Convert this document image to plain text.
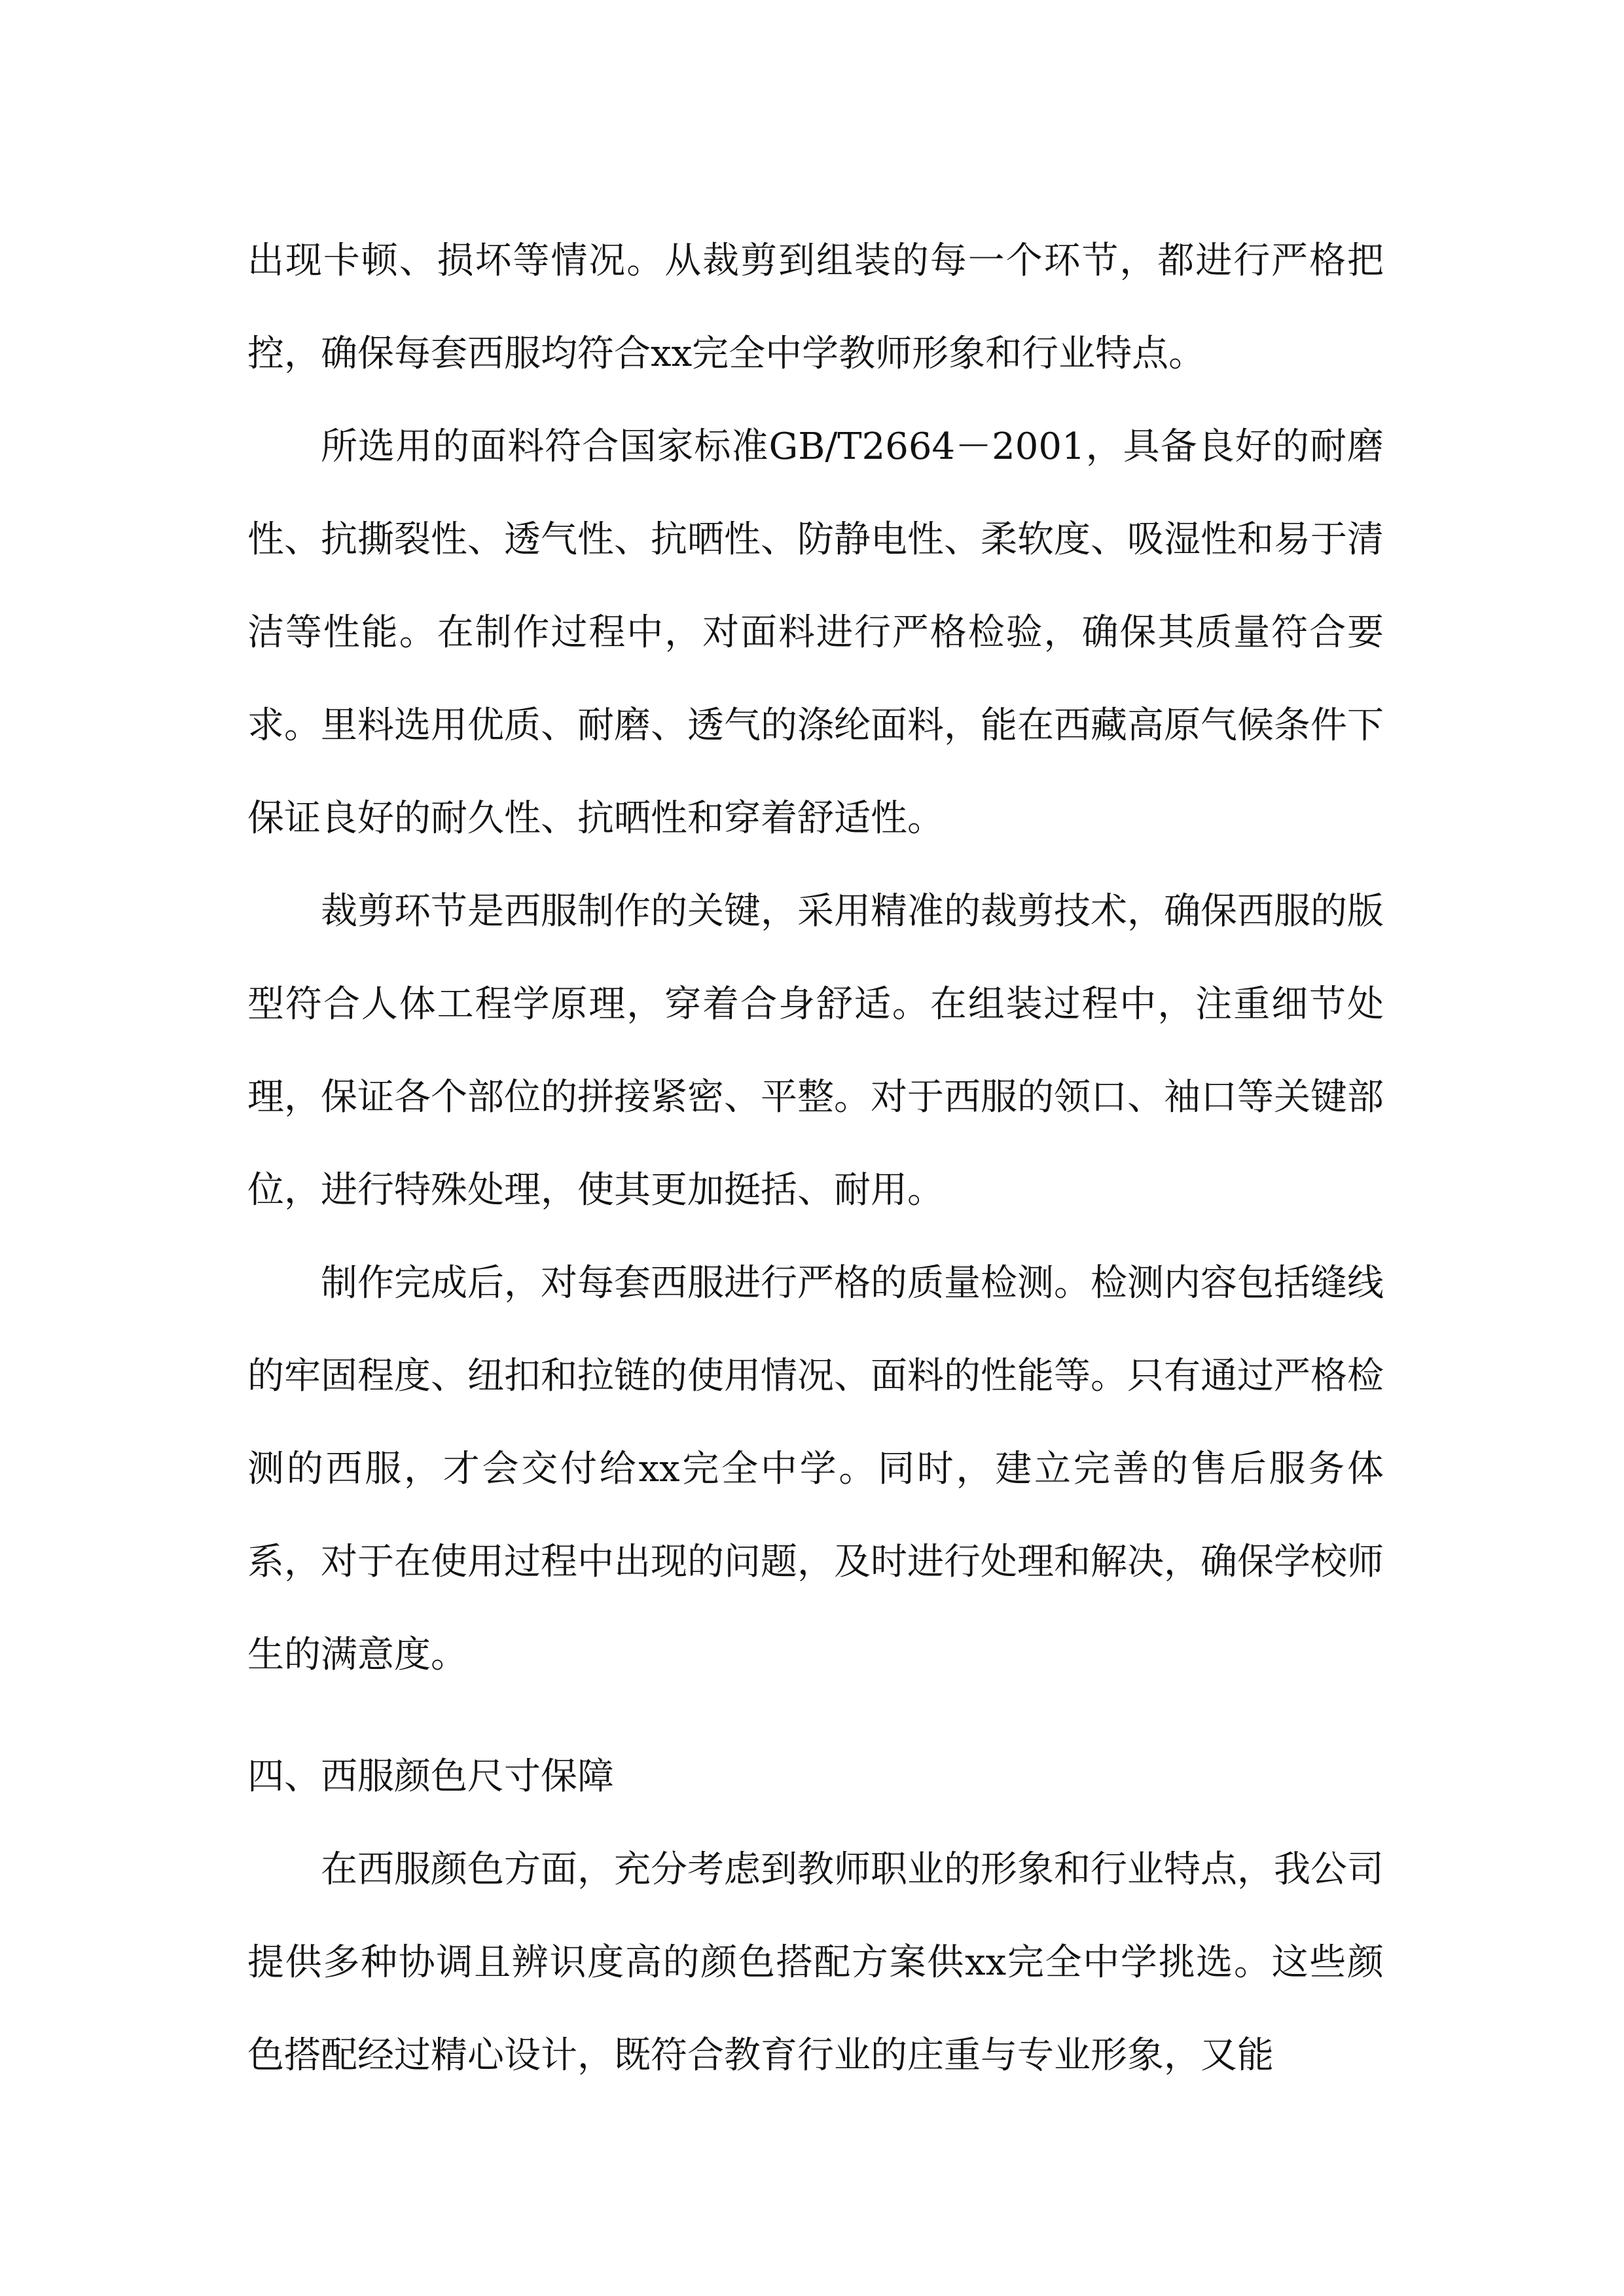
出现卡顿、损坏等情况。从裁剪到组装的每一个环节，都进行严格把控，确保每套西服均符合xx完全中学教师形象和行业特点。

所选用的面料符合国家标准GB/T2664－2001，具备良好的耐磨性、抗撕裂性、透气性、抗晒性、防静电性、柔软度、吸湿性和易于清洁等性能。在制作过程中，对面料进行严格检验，确保其质量符合要求。里料选用优质、耐磨、透气的涤纶面料，能在西藏高原气候条件下保证良好的耐久性、抗晒性和穿着舒适性。

裁剪环节是西服制作的关键，采用精准的裁剪技术，确保西服的版型符合人体工程学原理，穿着合身舒适。在组装过程中，注重细节处理，保证各个部位的拼接紧密、平整。对于西服的领口、袖口等关键部位，进行特殊处理，使其更加挺括、耐用。

制作完成后，对每套西服进行严格的质量检测。检测内容包括缝线的牢固程度、纽扣和拉链的使用情况、面料的性能等。只有通过严格检测的西服，才会交付给xx完全中学。同时，建立完善的售后服务体系，对于在使用过程中出现的问题，及时进行处理和解决，确保学校师生的满意度。

四、西服颜色尺寸保障

在西服颜色方面，充分考虑到教师职业的形象和行业特点，我公司提供多种协调且辨识度高的颜色搭配方案供xx完全中学挑选。这些颜色搭配经过精心设计，既符合教育行业的庄重与专业形象，又能
